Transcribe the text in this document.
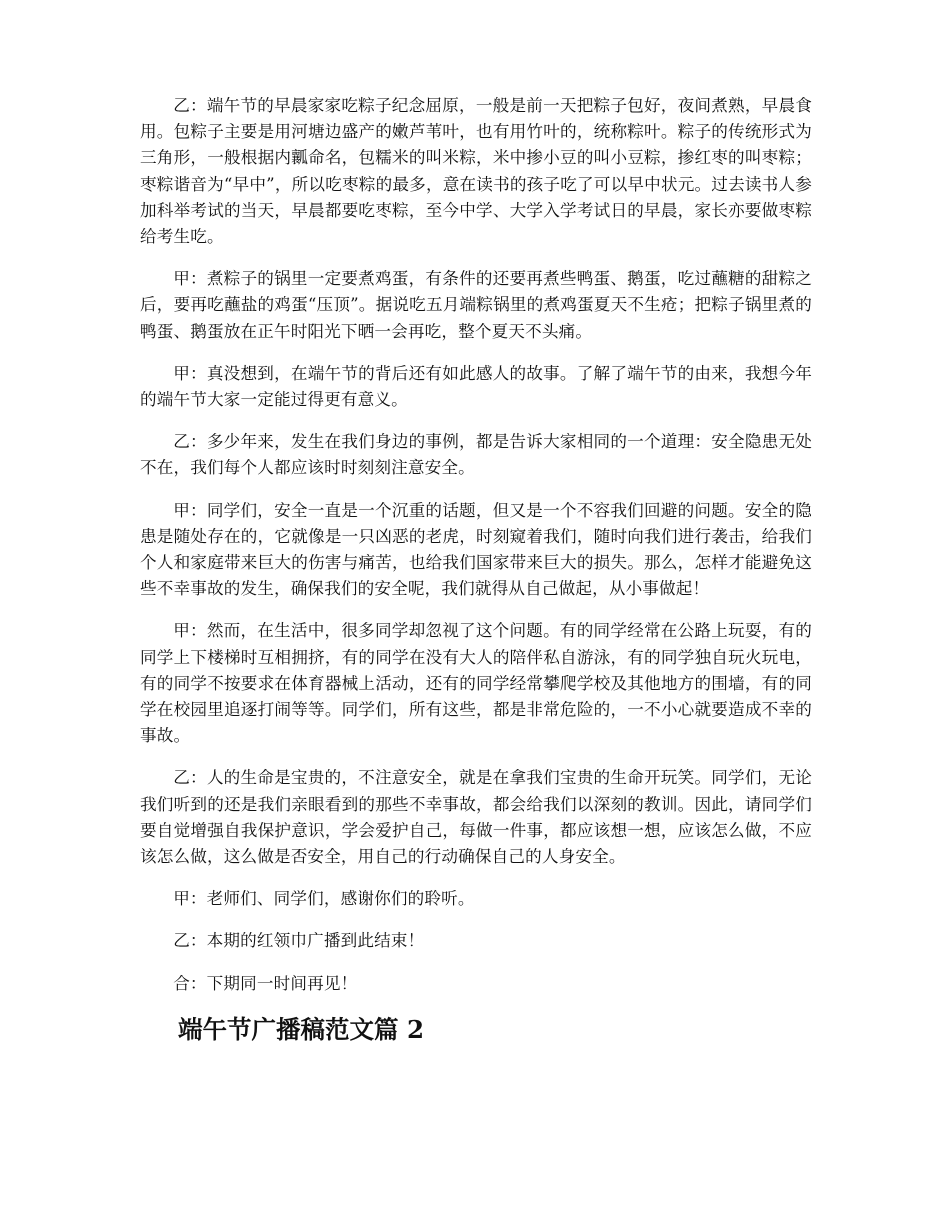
乙：端午节的早晨家家吃粽子纪念屈原，一般是前一天把粽子包好，夜间煮熟，早晨食用。包粽子主要是用河塘边盛产的嫩芦苇叶，也有用竹叶的，统称粽叶。粽子的传统形式为三角形，一般根据内瓤命名，包糯米的叫米粽，米中掺小豆的叫小豆粽，掺红枣的叫枣粽；枣粽谐音为“早中”，所以吃枣粽的最多，意在读书的孩子吃了可以早中状元。过去读书人参加科举考试的当天，早晨都要吃枣粽，至今中学、大学入学考试日的早晨，家长亦要做枣粽给考生吃。

甲：煮粽子的锅里一定要煮鸡蛋，有条件的还要再煮些鸭蛋、鹅蛋，吃过蘸糖的甜粽之后，要再吃蘸盐的鸡蛋“压顶”。据说吃五月端粽锅里的煮鸡蛋夏天不生疮；把粽子锅里煮的鸭蛋、鹅蛋放在正午时阳光下晒一会再吃，整个夏天不头痛。

甲：真没想到，在端午节的背后还有如此感人的故事。了解了端午节的由来，我想今年的端午节大家一定能过得更有意义。

乙：多少年来，发生在我们身边的事例，都是告诉大家相同的一个道理：安全隐患无处不在，我们每个人都应该时时刻刻注意安全。

甲：同学们，安全一直是一个沉重的话题，但又是一个不容我们回避的问题。安全的隐患是随处存在的，它就像是一只凶恶的老虎，时刻窥着我们，随时向我们进行袭击，给我们个人和家庭带来巨大的伤害与痛苦，也给我们国家带来巨大的损失。那么，怎样才能避免这些不幸事故的发生，确保我们的安全呢，我们就得从自己做起，从小事做起！

甲：然而，在生活中，很多同学却忽视了这个问题。有的同学经常在公路上玩耍，有的同学上下楼梯时互相拥挤，有的同学在没有大人的陪伴私自游泳，有的同学独自玩火玩电，有的同学不按要求在体育器械上活动，还有的同学经常攀爬学校及其他地方的围墙，有的同学在校园里追逐打闹等等。同学们，所有这些，都是非常危险的，一不小心就要造成不幸的事故。

乙：人的生命是宝贵的，不注意安全，就是在拿我们宝贵的生命开玩笑。同学们，无论我们听到的还是我们亲眼看到的那些不幸事故，都会给我们以深刻的教训。因此，请同学们要自觉增强自我保护意识，学会爱护自己，每做一件事，都应该想一想，应该怎么做，不应该怎么做，这么做是否安全，用自己的行动确保自己的人身安全。

甲：老师们、同学们，感谢你们的聆听。

乙：本期的红领巾广播到此结束！

合：下期同一时间再见！

端午节广播稿范文篇 2
